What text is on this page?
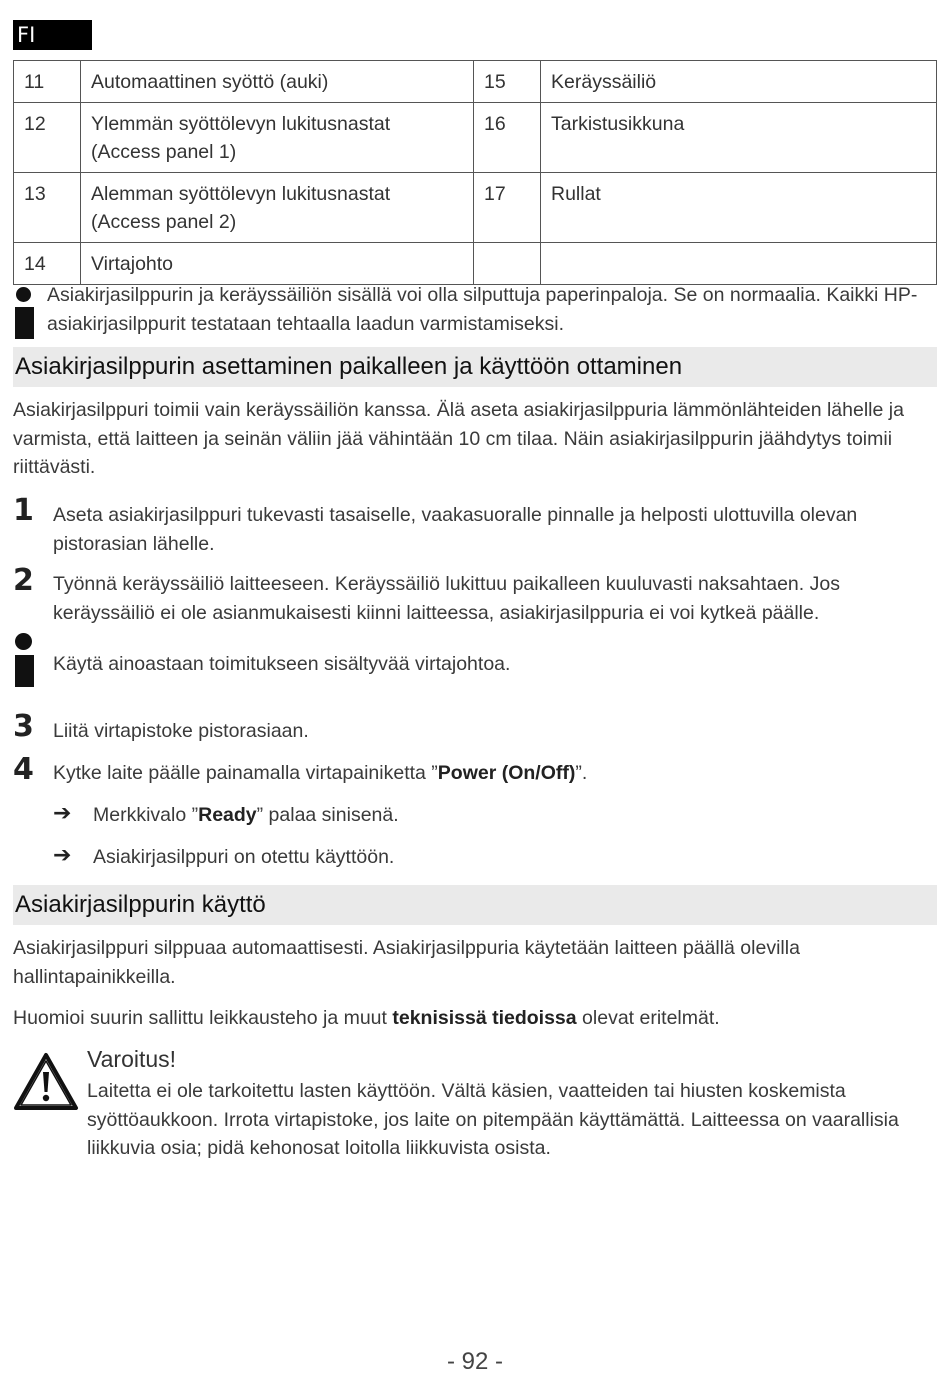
FI
11	Automaattinen syöttö (auki)	15	Keräyssäiliö
12	Ylemmän syöttölevyn lukitusnastat (Access panel 1)	16	Tarkistusikkuna
13	Alemman syöttölevyn lukitusnastat (Access panel 2)	17	Rullat
14	Virtajohto		

Asiakirjasilppurin ja keräyssäiliön sisällä voi olla silputtuja paperinpaloja. Se on normaalia. Kaikki HP-asiakirjasilppurit testataan tehtaalla laadun varmistamiseksi.

Asiakirjasilppurin asettaminen paikalleen ja käyttöön ottaminen

Asiakirjasilppuri toimii vain keräyssäiliön kanssa. Älä aseta asiakirjasilppuria lämmönlähteiden lähelle ja varmista, että laitteen ja seinän väliin jää vähintään 10 cm tilaa. Näin asiakirjasilppurin jäähdytys toimii riittävästi.

1 Aseta asiakirjasilppuri tukevasti tasaiselle, vaakasuoralle pinnalle ja helposti ulottuvilla olevan pistorasian lähelle.
2 Työnnä keräyssäiliö laitteeseen. Keräyssäiliö lukittuu paikalleen kuuluvasti naksahtaen. Jos keräyssäiliö ei ole asianmukaisesti kiinni laitteessa, asiakirjasilppuria ei voi kytkeä päälle.
Käytä ainoastaan toimitukseen sisältyvää virtajohtoa.
3 Liitä virtapistoke pistorasiaan.
4 Kytke laite päälle painamalla virtapainiketta ”Power (On/Off)”.
➔ Merkkivalo ”Ready” palaa sinisenä.
➔ Asiakirjasilppuri on otettu käyttöön.
Asiakirjasilppurin käyttö

Asiakirjasilppuri silppuaa automaattisesti. Asiakirjasilppuria käytetään laitteen päällä olevilla hallintapainikkeilla.

Huomioi suurin sallittu leikkausteho ja muut teknisissä tiedoissa olevat eritelmät.

Varoitus!
Laitetta ei ole tarkoitettu lasten käyttöön. Vältä käsien, vaatteiden tai hiusten koskemista syöttöaukkoon. Irrota virtapistoke, jos laite on pitempään käyttämättä. Laitteessa on vaarallisia liikkuvia osia; pidä kehonosat loitolla liikkuvista osista.
- 92 -
